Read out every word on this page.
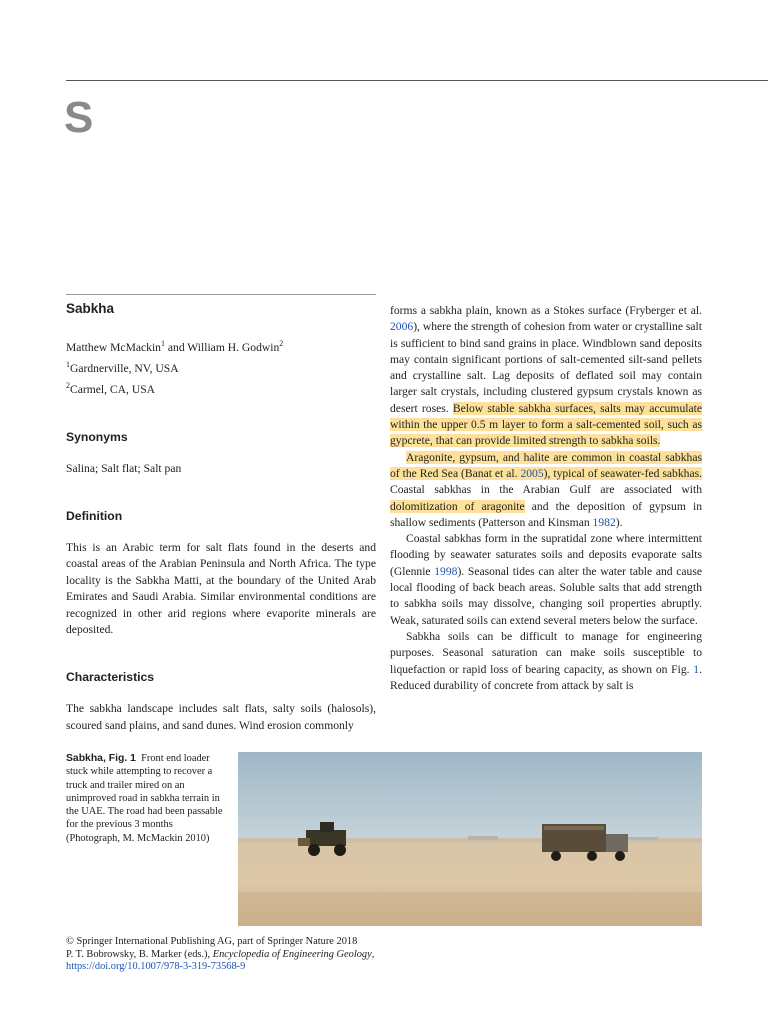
S
Sabkha
Matthew McMackin$^1$ and William H. Godwin$^2$
$^1$Gardnerville, NV, USA
$^2$Carmel, CA, USA
Synonyms

Salina; Salt flat; Salt pan

Definition

This is an Arabic term for salt flats found in the deserts and coastal areas of the Arabian Peninsula and North Africa. The type locality is the Sabkha Matti, at the boundary of the United Arab Emirates and Saudi Arabia. Similar environmental conditions are recognized in other arid regions where evaporite minerals are deposited.

Characteristics

The sabkha landscape includes salt flats, salty soils (halosols), scoured sand plains, and sand dunes. Wind erosion commonly

forms a sabkha plain, known as a Stokes surface (Fryberger et al. 2006), where the strength of cohesion from water or crystalline salt is sufficient to bind sand grains in place. Windblown sand deposits may contain significant portions of salt-cemented silt-sand pellets and crystalline salt. Lag deposits of deflated soil may contain larger salt crystals, including clustered gypsum crystals known as desert roses. Below stable sabkha surfaces, salts may accumulate within the upper 0.5 m layer to form a salt-cemented soil, such as gypcrete, that can provide limited strength to sabkha soils.

Aragonite, gypsum, and halite are common in coastal sabkhas of the Red Sea (Banat et al. 2005), typical of seawater-fed sabkhas. Coastal sabkhas in the Arabian Gulf are associated with dolomitization of aragonite and the deposition of gypsum in shallow sediments (Patterson and Kinsman 1982).

Coastal sabkhas form in the supratidal zone where intermittent flooding by seawater saturates soils and deposits evaporate salts (Glennie 1998). Seasonal tides can alter the water table and cause local flooding of back beach areas. Soluble salts that add strength to sabkha soils may dissolve, changing soil properties abruptly. Weak, saturated soils can extend several meters below the surface.

Sabkha soils can be difficult to manage for engineering purposes. Seasonal saturation can make soils susceptible to liquefaction or rapid loss of bearing capacity, as shown on Fig. 1. Reduced durability of concrete from attack by salt is

Sabkha, Fig. 1 Front end loader stuck while attempting to recover a truck and trailer mired on an unimproved road in sabkha terrain in the UAE. The road had been passable for the previous 3 months (Photograph, M. McMackin 2010)
© Springer International Publishing AG, part of Springer Nature 2018
P. T. Bobrowsky, B. Marker (eds.), Encyclopedia of Engineering Geology,
https://doi.org/10.1007/978-3-319-73568-9
